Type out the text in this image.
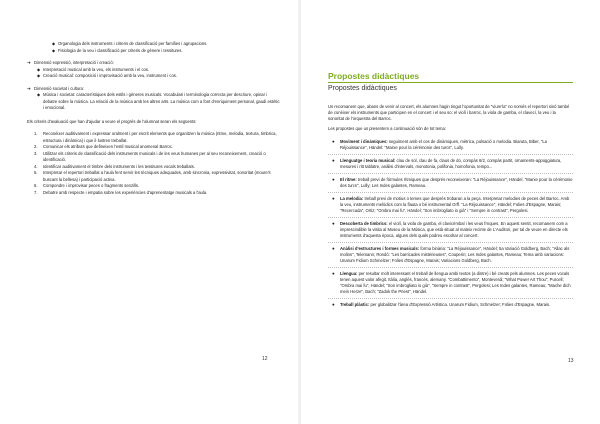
◆ Organologia dels instruments i criteris de classificació per famílies i agrupacions.
◆ Fisiologia de la veu i classificació per criteris de gènere i tessitures.
➔ Dimensió expressió, interpretació i creació:
◆ Interpretació musical amb la veu, els instruments i el cos.
◆ Creació musical: composició i improvisació amb la veu, instrument i cos.
➔ Dimensió societat i cultura:
◆ Música i societat: característiques dels estils i gèneres musicals. Vocabulari i terminologia correcta per descriure, opinar i debatre sobre la música. La relació de la música amb les altres arts. La música com a font d'enriquiment personal, gaudi estètic i emocional.
Els criteris d'avaluació que han d'ajudar a veure el progrés de l'alumnat seran els següents:
1. Reconèixer auditivament i expressar oralment i per escrit elements que organitzen la música (ritme, melodia, textura, timbrica, estructura i dinàmica) i que il·lustren treballat.
2. Comunicar els atributs que defineixen l'estil musical anomenal Barroc.
3. Utilitzar els criteris de classificació dels instruments musicals i de les veus humanes per al seu reconeixement, creació o identificació.
4. Identificar auditivament el timbre dels instruments i les tessitures vocals treballats.
5. Interpretar el repertori treballat a l'aula fent servir les tècniques adequades, amb sincronia, expressivitat, sonoritat (moure's buscant la bellesa) i participació activa.
6. Compondre i improvisar peces o fragments senzills.
7. Debatre amb respecte i empatia sobre les experiències d'aprenentatge musicals a l'aula.
12
Propostes didàctiques
Propostes didàctiques

Us recomanem que, abans de venir al concert, els alumnes hagin tingut l'oportunitat de "viure'la" no només el repertori sinó també de conèixer els instruments que participen en el concert i el seu so: el violí i barroc, la viola de gamba, el clavecí, la veu i la sonoritat de l'orquestra del Barroc.

Les propostes que us presentem a continuació són de tot tema:

● Moviment i dinàmiques: seguiment amb el cos de dinàmiques, mètrica, pulsació o melodia. Biaruta, Biber, "La Réjouissance", Händel: "Marxe pour la cérémonie des turcs", Lully.
● Llenguatge i teoria musical: clau de sol, clau de fa, claus de do, compàs 6/2, compàs partit, ornaments-appoggiatura, mesures i ritt tablatre, anàlisi d'intervals, monotonia, polifonia, homofonia, tempo...
● El ritme: treball previ de fórmules rítmiques que després reconeixeran: "La Réjouissance", Händel. "Marxe pour la cérémonie des turcs", Lully; Les Indes galantes, Rameau.
● La melodia: treball previ de motius o temes que després trobaran a la peça. Interpretar melodies de peces del Barroc. Amb la veu, instruments melòdics com la flauta o bé instrumental Orff. "La Réjouissance", Händel; Folies d'Espagne, Marais; "Recercada", Ortiz; "Ombra mai fu", Händel; "Son imbrogliato io già" i "Sempre in contrast", Pergolesi.
● Descoberta de timbrics: el violí, la viola de gamba, el clavicèmbal i les veus frnques. En aquest sentit, recomanem com a imprescindible la visita al Museu de la Música, que està situat al mateix recinte de L'Auditori, per tal de veure en directe els instruments d'aquesta època, alguns dels quals podreu escoltar al concert.
● Anàlisi d'estructures i formes musicals: forma binària: "La Réjouissance", Händel; 5a Variació Goldberg, Bach; "Allac als molins", Telemann; Rondó: "Les barricades mistérieuses", Couperin; Les Indes galantes, Rameau; Tema amb variacions: Unarum Fidium Schmelzer; Folies d'Espagne, Marais; Variacions Goldberg, Bach.
● Llengua: per resultar molt interessant el treball de llengua ambi textos (a dintre) i bé creats pels alumnes. Les peces vocals tenen aquest valor afegit. Itàlia, anglès, francès, alemany. "Combattimento", Monteverdi; "What Power Art Thou", Purcell; "Ombra mai fu", Händel; "Son imbrogliato io già", "Sempre in contrast", Pergolesi; Les Indes galantes, Rameau; "Mache dich mein Herze", Bach; "Zadok the Priest", Händel.
● Treball plàstic: per globalitzar l'àrea d'Expressió Artística. Unarum Fidium, Schmelzer; Folies d'Espagne, Marais.
13
